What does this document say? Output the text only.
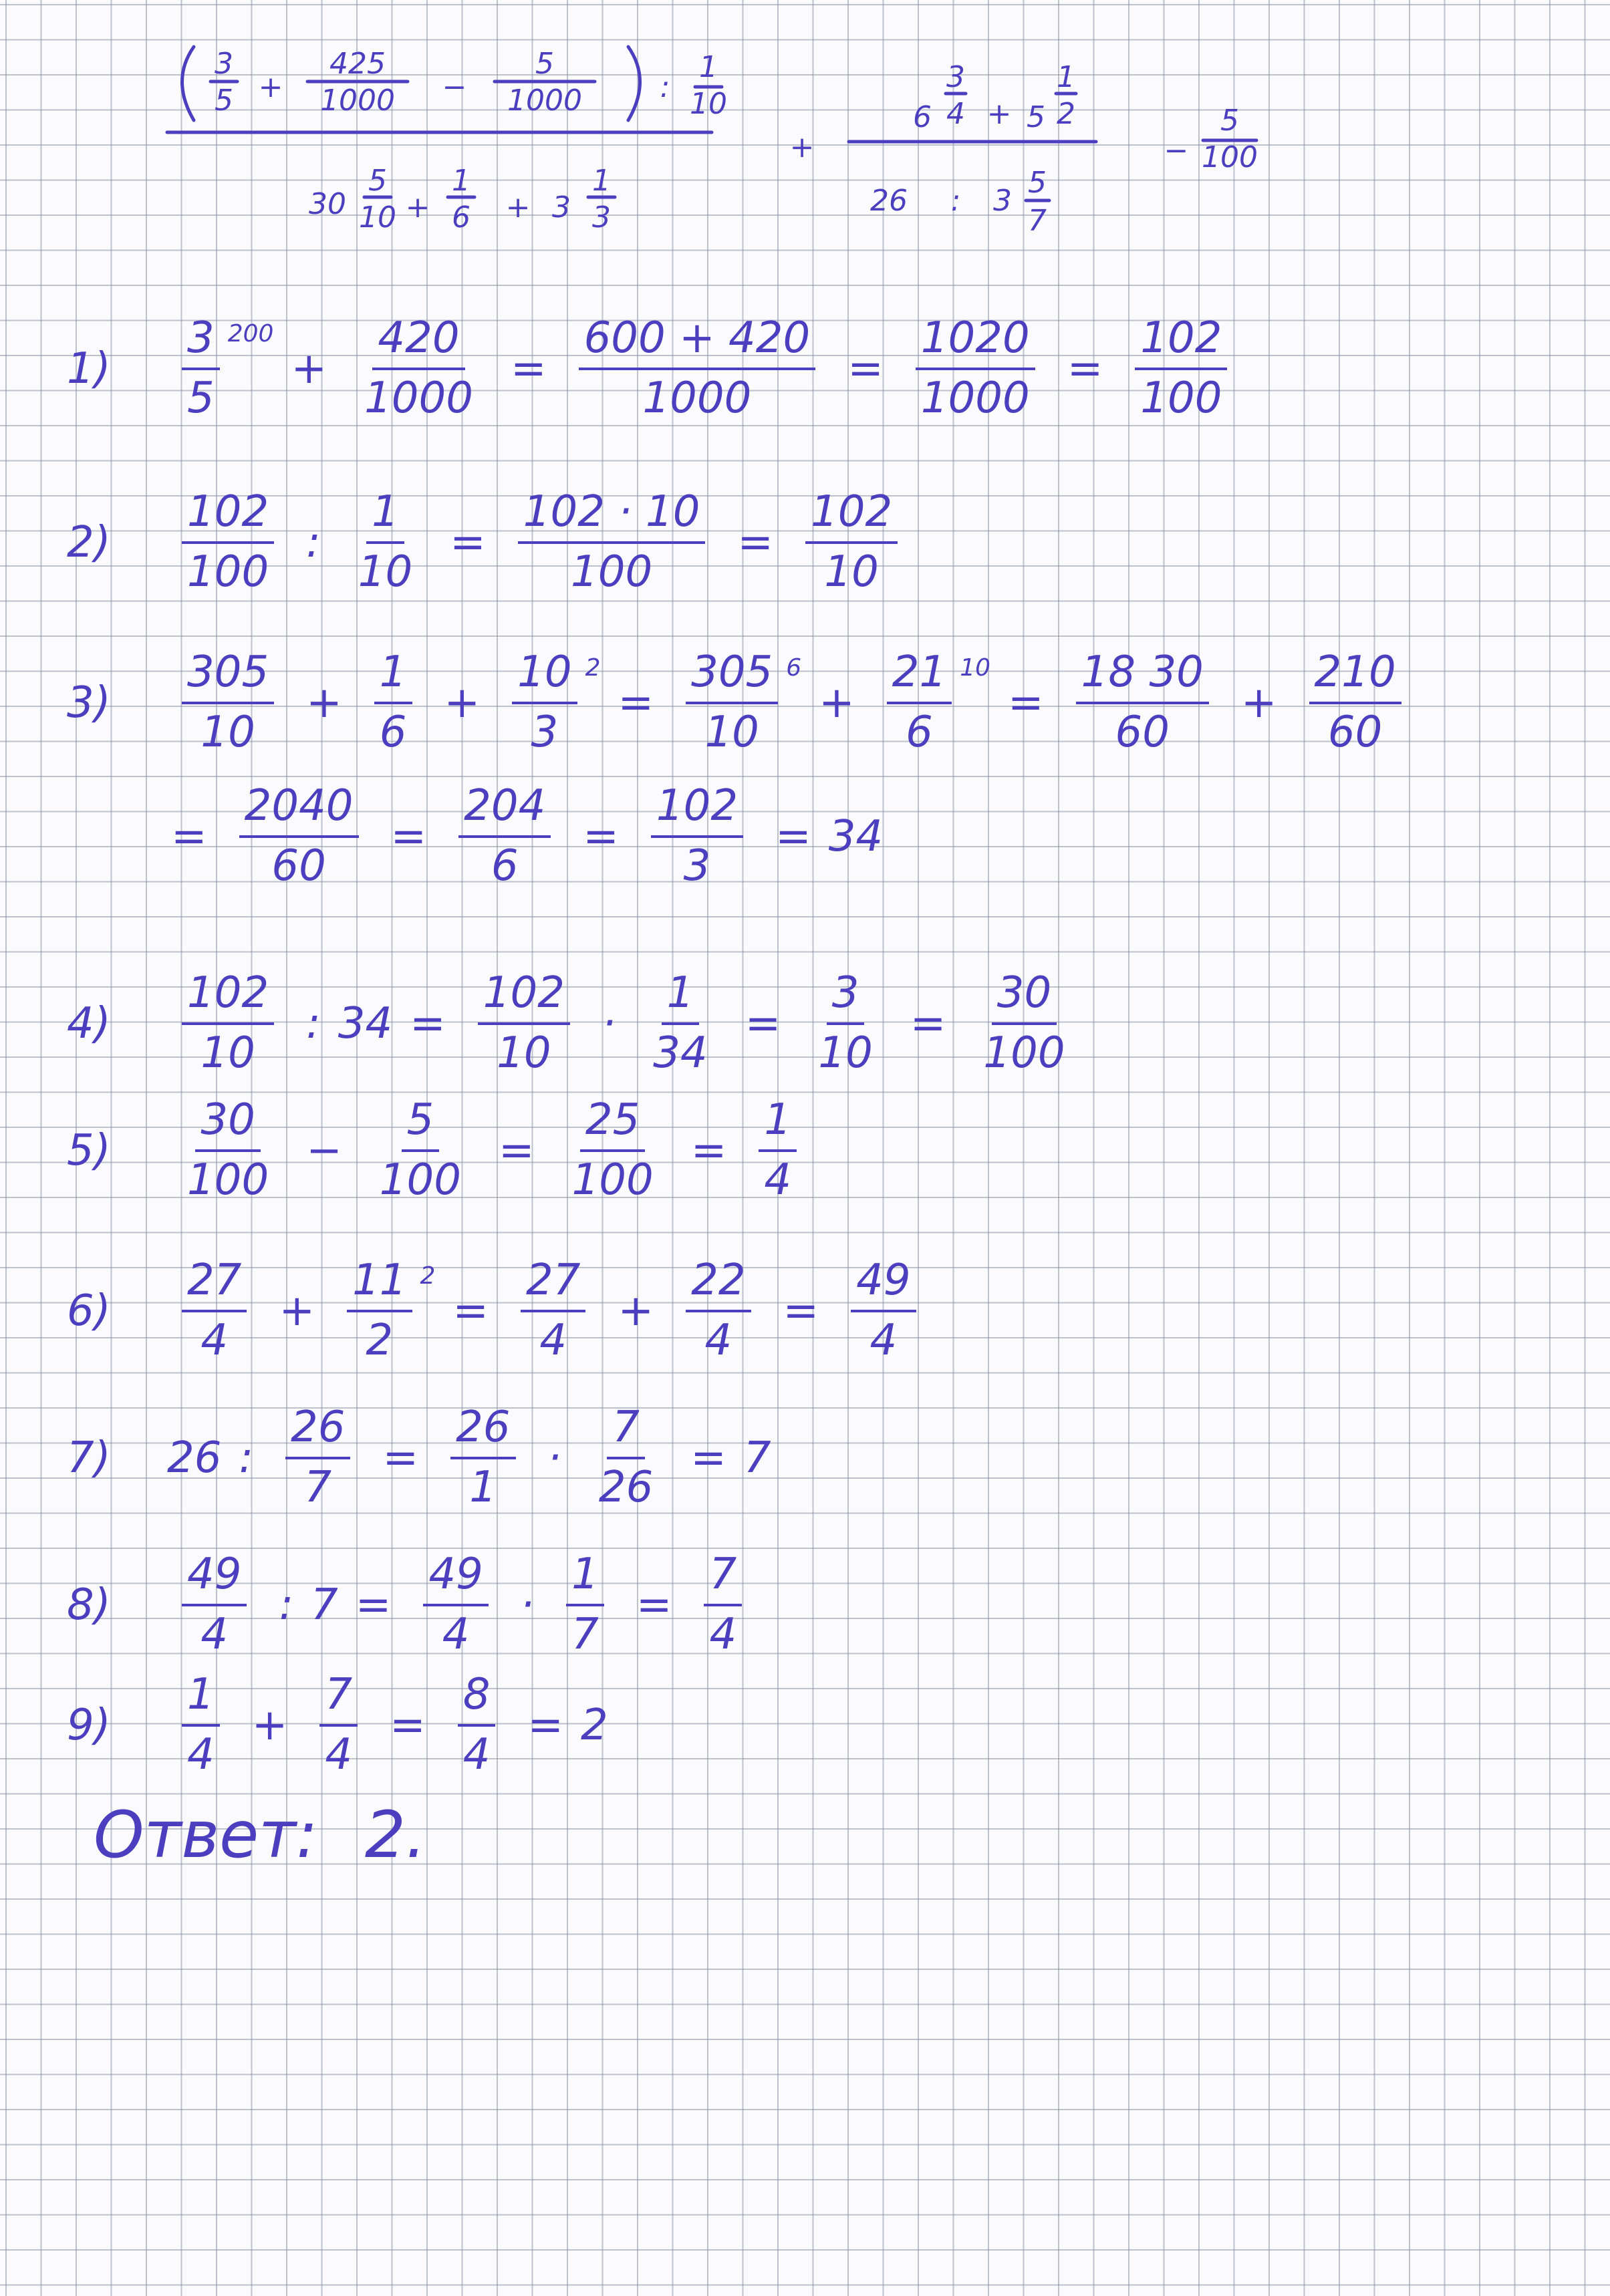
3
5 +
425
1000 −
5
1000	:
1
10
30
5
10 +
1
6 + 3
1
3
+
6
3
4 + 5
1
2
26 : 3
5
7
−
5
100
1)	$\frac{3}{5} 200$
+ $\frac{420}{1000} = \frac{600 + 420}{1000} = \frac{1020}{1000} = \frac{102}{100}$
2)	$\frac{102}{100}$ : $\frac{1}{10} = \frac{102 \cdot 10}{100} = \frac{102}{10}$
3)	$\frac{305}{10} + \frac{1}{6} + \frac{10}{3} 2$
= $\frac{305}{10} 6$
+ $\frac{21}{6} 10$
= $\frac{18 30}{60} + \frac{210}{60}$
= $\frac{2040}{60} = \frac{204}{6} = \frac{102}{3} = 34$
4)	$\frac{102}{10}$ : $34 = \frac{102}{10} \cdot \frac{1}{34} = \frac{3}{10} = \frac{30}{100}$
5)	$\frac{30}{100} - \frac{5}{100} = \frac{25}{100} = \frac{1}{4}$
6)	$\frac{27}{4} + \frac{11}{2} 2$
= $\frac{27}{4} + \frac{22}{4} = \frac{49}{4}$
7)	26 : $\frac{26}{7} = \frac{26}{1} \cdot \frac{7}{26} = 7$
8)	$\frac{49}{4}$ : $7 = \frac{49}{4} \cdot \frac{1}{7} = \frac{7}{4}$
9)	$\frac{1}{4} + \frac{7}{4} = \frac{8}{4} = 2$
Ответ: 2.
